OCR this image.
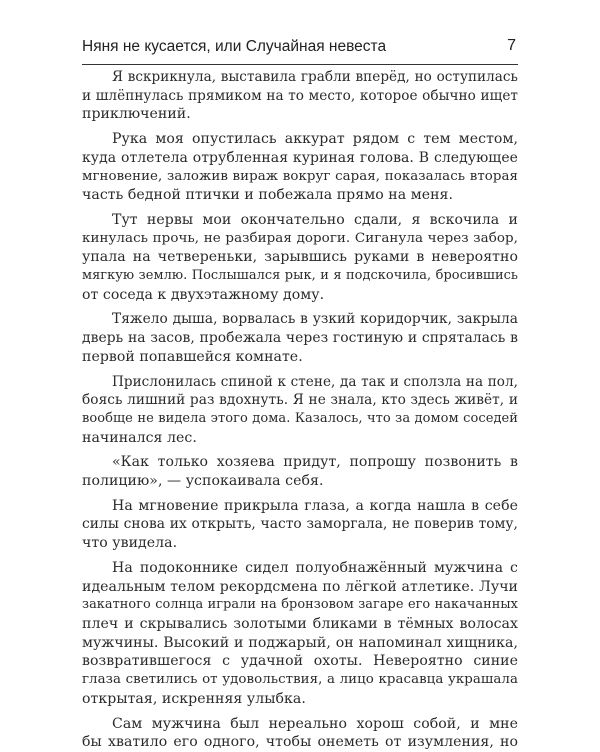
Няня не кусается, или Случайная невеста	7

Я вскрикнула, выставила грабли вперёд, но оступилась
и шлёпнулась прямиком на то место, которое обычно ищет
приключений.

Рука моя опустилась аккурат рядом с тем местом,
куда отлетела отрубленная куриная голова. В следующее
мгновение, заложив вираж вокруг сарая, показалась вторая
часть бедной птички и побежала прямо на меня.

Тут нервы мои окончательно сдали, я вскочила и
кинулась прочь, не разбирая дороги. Сиганула через забор,
упала на четвереньки, зарывшись руками в невероятно
мягкую землю. Послышался рык, и я подскочила, бросившись
от соседа к двухэтажному дому.

Тяжело дыша, ворвалась в узкий коридорчик, закрыла
дверь на засов, пробежала через гостиную и спряталась в
первой попавшейся комнате.

Прислонилась спиной к стене, да так и сползла на пол,
боясь лишний раз вдохнуть. Я не знала, кто здесь живёт, и
вообще не видела этого дома. Казалось, что за домом соседей
начинался лес.

«Как только хозяева придут, попрошу позвонить в
полицию», — успокаивала себя.

На мгновение прикрыла глаза, а когда нашла в себе
силы снова их открыть, часто заморгала, не поверив тому,
что увидела.

На подоконнике сидел полуобнажённый мужчина с
идеальным телом рекордсмена по лёгкой атлетике. Лучи
закатного солнца играли на бронзовом загаре его накачанных
плеч и скрывались золотыми бликами в тёмных волосах
мужчины. Высокий и поджарый, он напоминал хищника,
возвратившегося с удачной охоты. Невероятно синие
глаза светились от удовольствия, а лицо красавца украшала
открытая, искренняя улыбка.

Сам мужчина был нереально хорош собой, и мне
бы хватило его одного, чтобы онеметь от изумления, но
